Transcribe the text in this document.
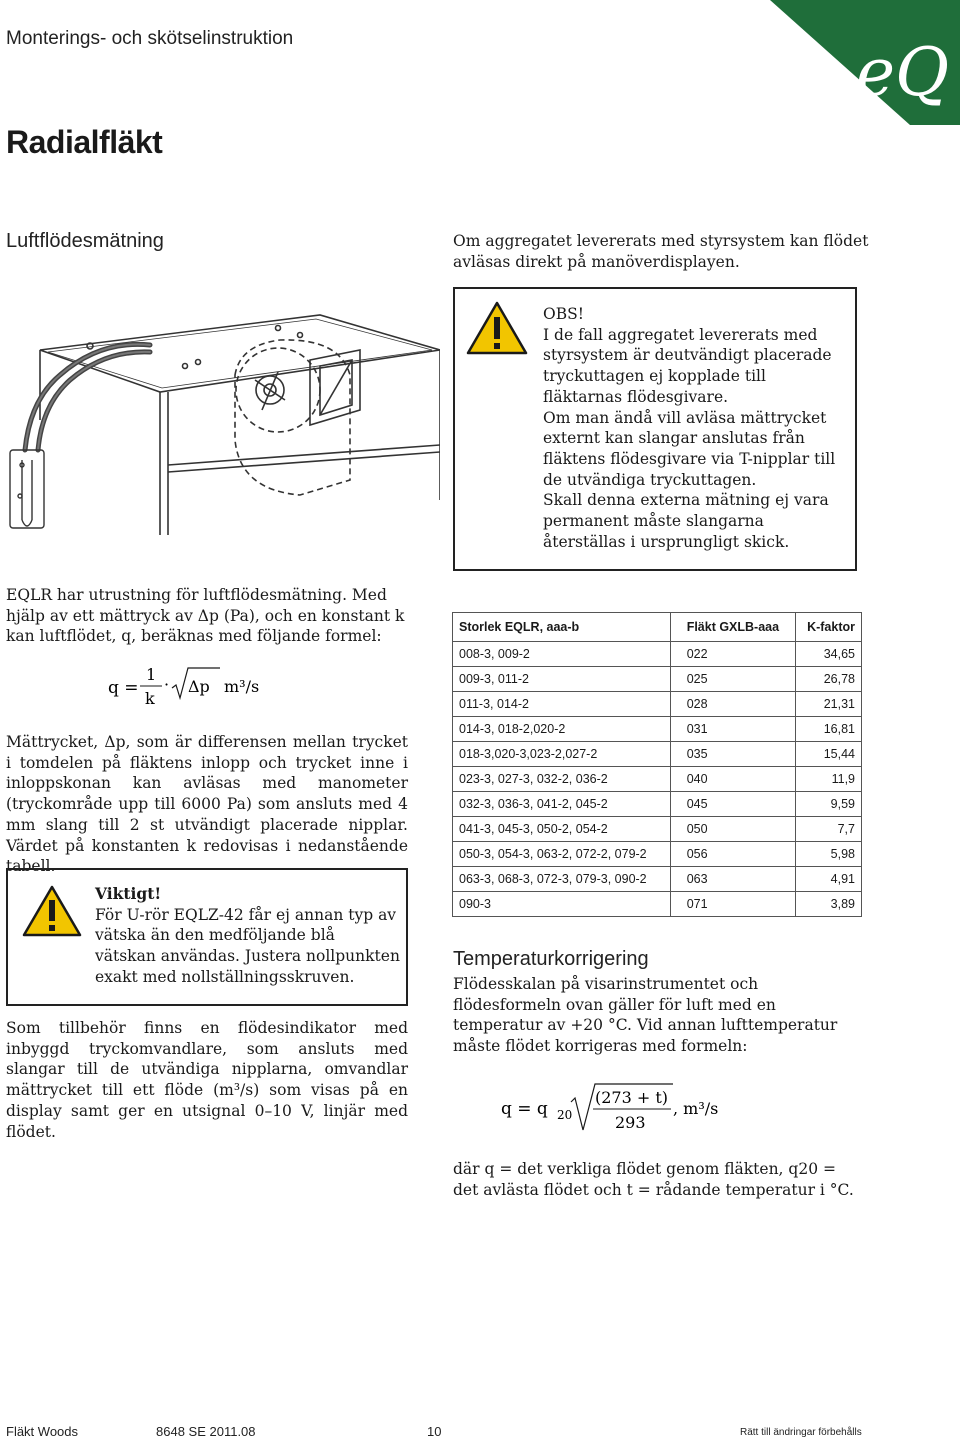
Monterings- och skötselinstruktion	eQ
Radialfläkt
Luftflödesmätning	Om aggregatet levererats med styrsystem kan flödet avläsas direkt på manöverdisplayen.

OBS!

I de fall aggregatet levererats med styrsystem är deutvändigt placerade tryckuttagen ej kopplade till fläktarnas flödesgivare.

Om man ändå vill avläsa mättrycket externt kan slangar anslutas från fläktens flödesgivare via T-nipplar till de utvändiga tryckuttagen.

Skall denna externa mätning ej vara permanent måste slangarna återställas i ursprungligt skick.

EQLR har utrustning för luftflödesmätning. Med hjälp av ett mättryck av Δp (Pa), och en konstant k kan luftflödet, q, beräknas med följande formel:
q =
1
k
· Δp m³/s
Mättrycket, Δp, som är differensen mellan trycket i tomdelen på fläktens inlopp och trycket inne i inloppskonan kan avläsas med manometer (tryckområde upp till 6000 Pa) som ansluts med 4 mm slang till 2 st utvändigt placerade nipplar. Värdet på konstanten k redovisas i nedanstående tabell.

Viktigt!

För U-rör EQLZ-42 får ej annan typ av vätska än den medföljande blå vätskan användas. Justera nollpunkten exakt med nollställningsskruven.

Som tillbehör finns en flödesindikator med inbyggd tryckomvandlare, som ansluts med slangar till de utvändiga nipplarna, omvandlar mättrycket till ett flöde (m³/s) som visas på en display samt ger en utsignal 0–10 V, linjär med flödet.
Storlek EQLR, aaa-b	Fläkt GXLB-aaa	K-faktor
008-3, 009-2	022	34,65
009-3, 011-2	025	26,78
011-3, 014-2	028	21,31
014-3, 018-2,020-2	031	16,81
018-3,020-3,023-2,027-2	035	15,44
023-3, 027-3, 032-2, 036-2	040	11,9
032-3, 036-3, 041-2, 045-2	045	9,59
041-3, 045-3, 050-2, 054-2	050	7,7
050-3, 054-3, 063-2, 072-2, 079-2	056	5,98
063-3, 068-3, 072-3, 079-3, 090-2	063	4,91
090-3	071	3,89
Temperaturkorrigering
Flödesskalan på visarinstrumentet och flödesformeln ovan gäller för luft med en temperatur av +20 °C. Vid annan lufttemperatur måste flödet korrigeras med formeln:
q = q 20
(273 + t)
293
, m³/s
där q = det verkliga flödet genom fläkten, q20 = det avlästa flödet och t = rådande temperatur i °C.
Fläkt Woods	8648 SE 2011.08	10	Rätt till ändringar förbehålls
